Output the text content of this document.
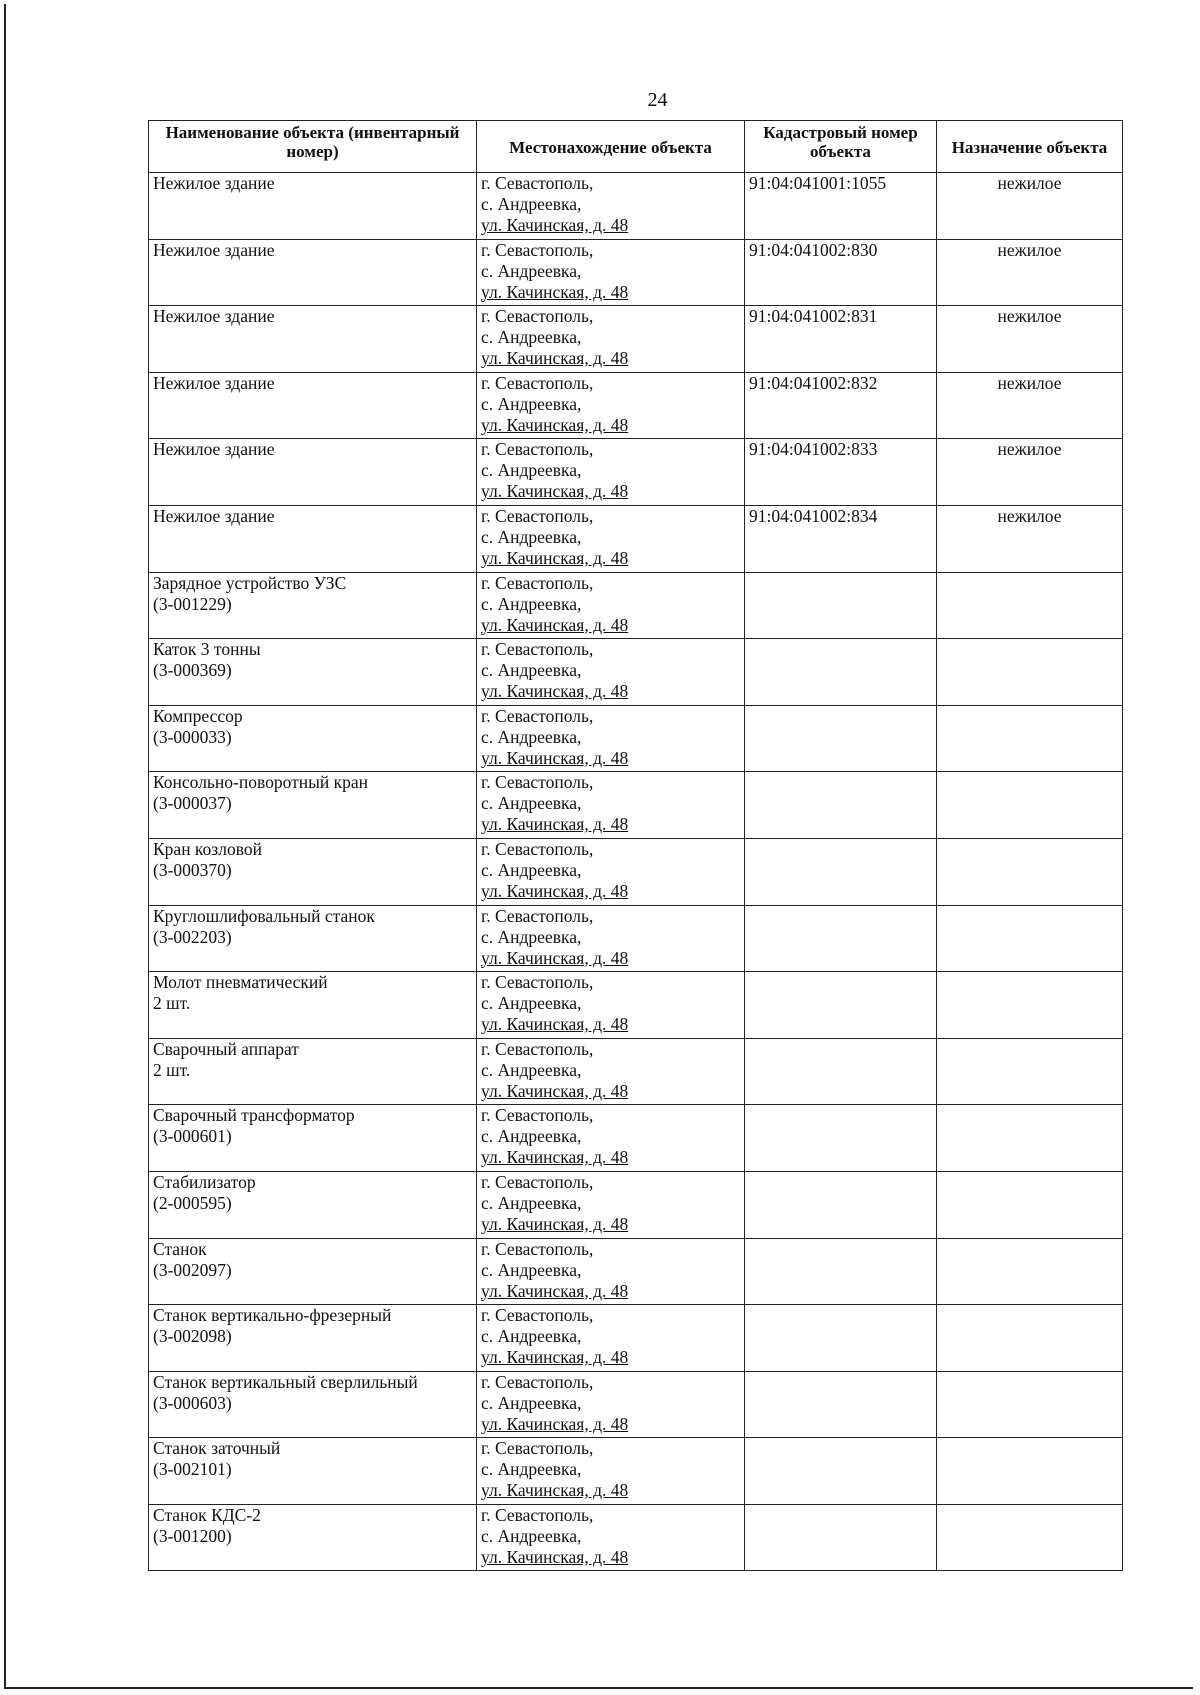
24
Наименование объекта (инвентарный номер)	Местонахождение объекта	Кадастровый номер объекта	Назначение объекта

Нежилое здание	г. Севастополь,
с. Андреевка,
ул. Качинская, д. 48	91:04:041001:1055	нежилое

Нежилое здание	г. Севастополь,
с. Андреевка,
ул. Качинская, д. 48	91:04:041002:830	нежилое

Нежилое здание	г. Севастополь,
с. Андреевка,
ул. Качинская, д. 48	91:04:041002:831	нежилое

Нежилое здание	г. Севастополь,
с. Андреевка,
ул. Качинская, д. 48	91:04:041002:832	нежилое

Нежилое здание	г. Севастополь,
с. Андреевка,
ул. Качинская, д. 48	91:04:041002:833	нежилое

Нежилое здание	г. Севастополь,
с. Андреевка,
ул. Качинская, д. 48	91:04:041002:834	нежилое

Зарядное устройство УЗС
(3-001229)	г. Севастополь,
с. Андреевка,
ул. Качинская, д. 48		

Каток 3 тонны
(3-000369)	г. Севастополь,
с. Андреевка,
ул. Качинская, д. 48		

Компрессор
(3-000033)	г. Севастополь,
с. Андреевка,
ул. Качинская, д. 48		

Консольно-поворотный кран
(3-000037)	г. Севастополь,
с. Андреевка,
ул. Качинская, д. 48		

Кран козловой
(3-000370)	г. Севастополь,
с. Андреевка,
ул. Качинская, д. 48		

Круглошлифовальный станок
(3-002203)	г. Севастополь,
с. Андреевка,
ул. Качинская, д. 48		

Молот пневматический
2 шт.	г. Севастополь,
с. Андреевка,
ул. Качинская, д. 48		

Сварочный аппарат
2 шт.	г. Севастополь,
с. Андреевка,
ул. Качинская, д. 48		

Сварочный трансформатор
(3-000601)	г. Севастополь,
с. Андреевка,
ул. Качинская, д. 48		

Стабилизатор
(2-000595)	г. Севастополь,
с. Андреевка,
ул. Качинская, д. 48		

Станок
(3-002097)	г. Севастополь,
с. Андреевка,
ул. Качинская, д. 48		

Станок вертикально-фрезерный
(3-002098)	г. Севастополь,
с. Андреевка,
ул. Качинская, д. 48		

Станок вертикальный сверлильный
(3-000603)	г. Севастополь,
с. Андреевка,
ул. Качинская, д. 48		

Станок заточный
(3-002101)	г. Севастополь,
с. Андреевка,
ул. Качинская, д. 48		

Станок КДС-2
(3-001200)	г. Севастополь,
с. Андреевка,
ул. Качинская, д. 48		
